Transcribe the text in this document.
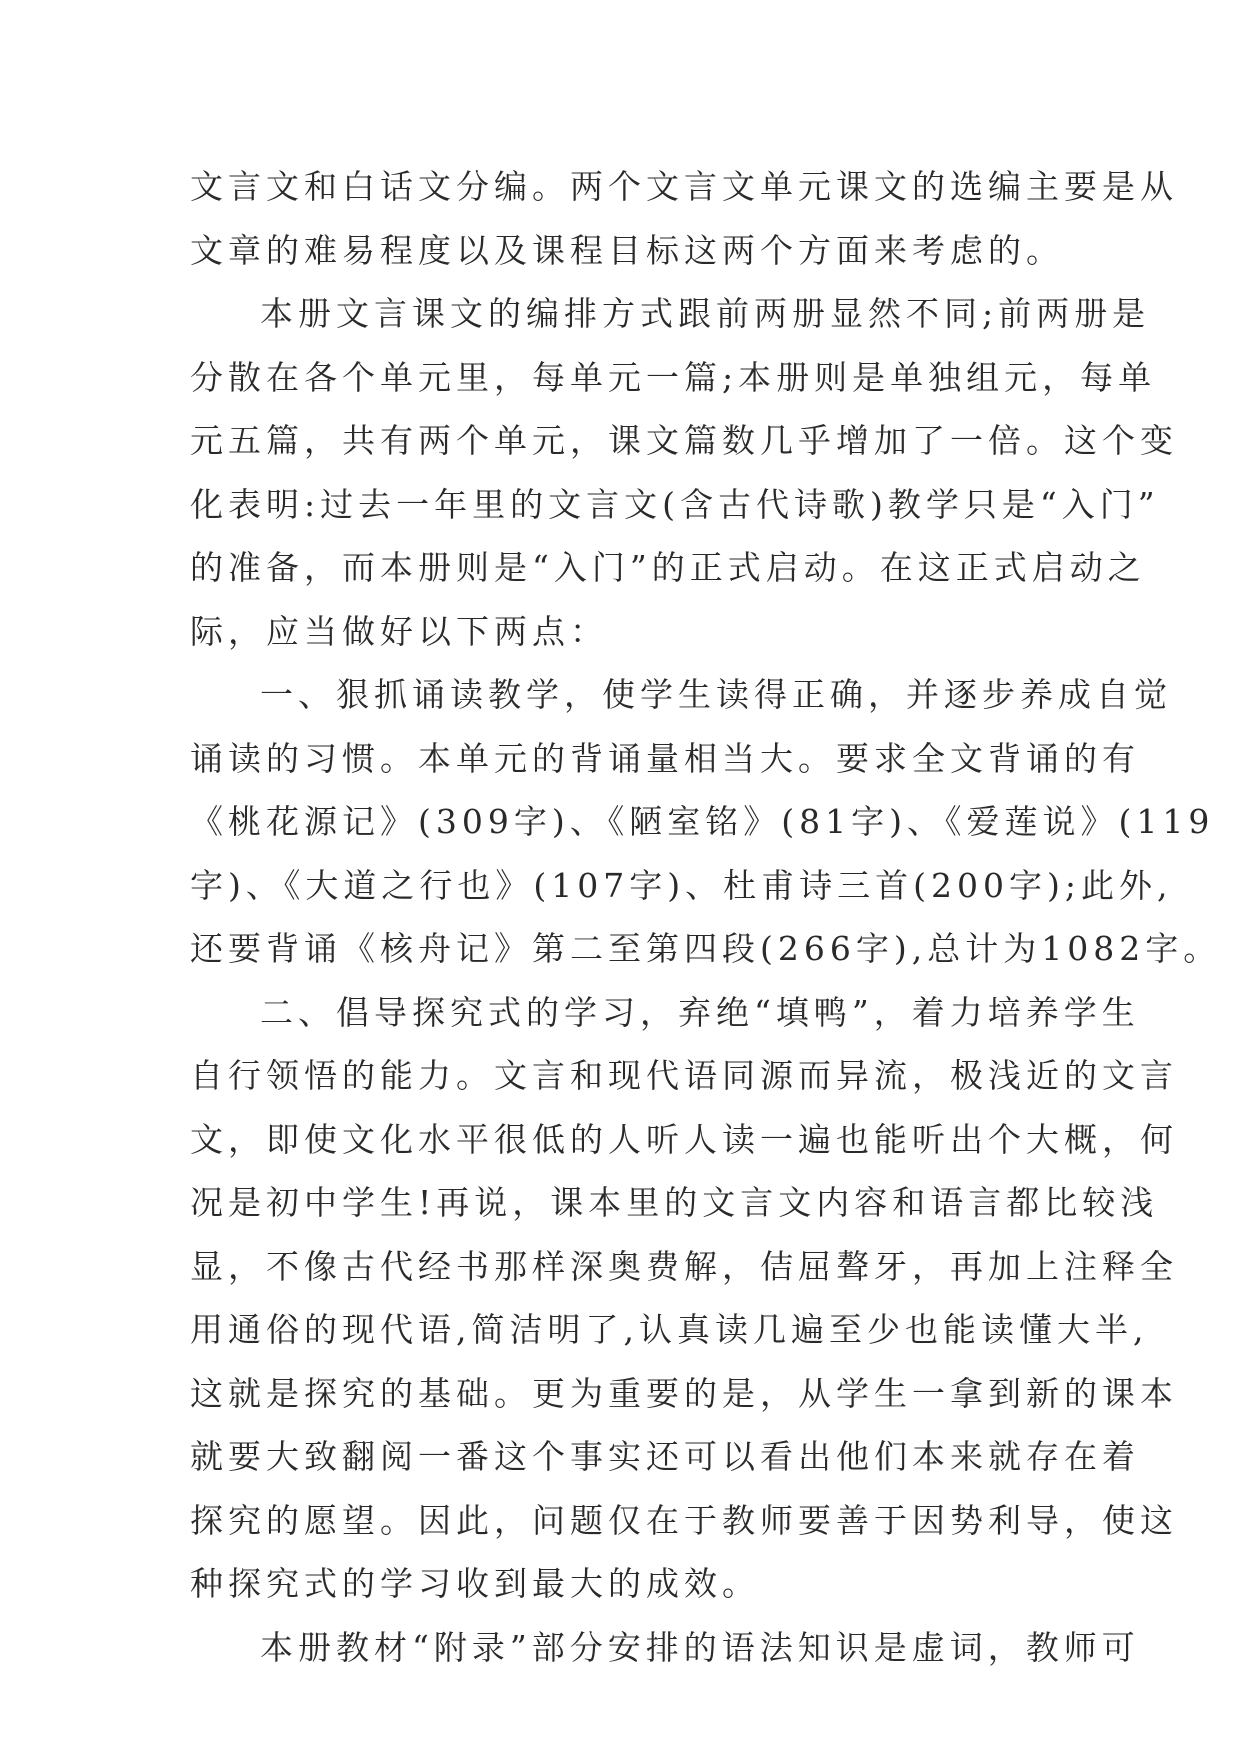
文言文和白话文分编。两个文言文单元课文的选编主要是从
文章的难易程度以及课程目标这两个方面来考虑的。
本册文言课文的编排方式跟前两册显然不同;前两册是
分散在各个单元里，每单元一篇;本册则是单独组元，每单
元五篇，共有两个单元，课文篇数几乎增加了一倍。这个变
化表明:过去一年里的文言文(含古代诗歌)教学只是“入门”
的准备，而本册则是“入门”的正式启动。在这正式启动之
际，应当做好以下两点：
一、狠抓诵读教学，使学生读得正确，并逐步养成自觉
诵读的习惯。本单元的背诵量相当大。要求全文背诵的有
《桃花源记》(309字)、《陋室铭》(81字)、《爱莲说》(119
字)、《大道之行也》(107字)、杜甫诗三首(200字);此外,
还要背诵《核舟记》第二至第四段(266字),总计为1082字。
二、倡导探究式的学习，弃绝“填鸭”，着力培养学生
自行领悟的能力。文言和现代语同源而异流，极浅近的文言
文，即使文化水平很低的人听人读一遍也能听出个大概，何
况是初中学生!再说，课本里的文言文内容和语言都比较浅
显，不像古代经书那样深奥费解，佶屈聱牙，再加上注释全
用通俗的现代语,简洁明了,认真读几遍至少也能读懂大半,
这就是探究的基础。更为重要的是，从学生一拿到新的课本
就要大致翻阅一番这个事实还可以看出他们本来就存在着
探究的愿望。因此，问题仅在于教师要善于因势利导，使这
种探究式的学习收到最大的成效。
本册教材“附录”部分安排的语法知识是虚词，教师可
